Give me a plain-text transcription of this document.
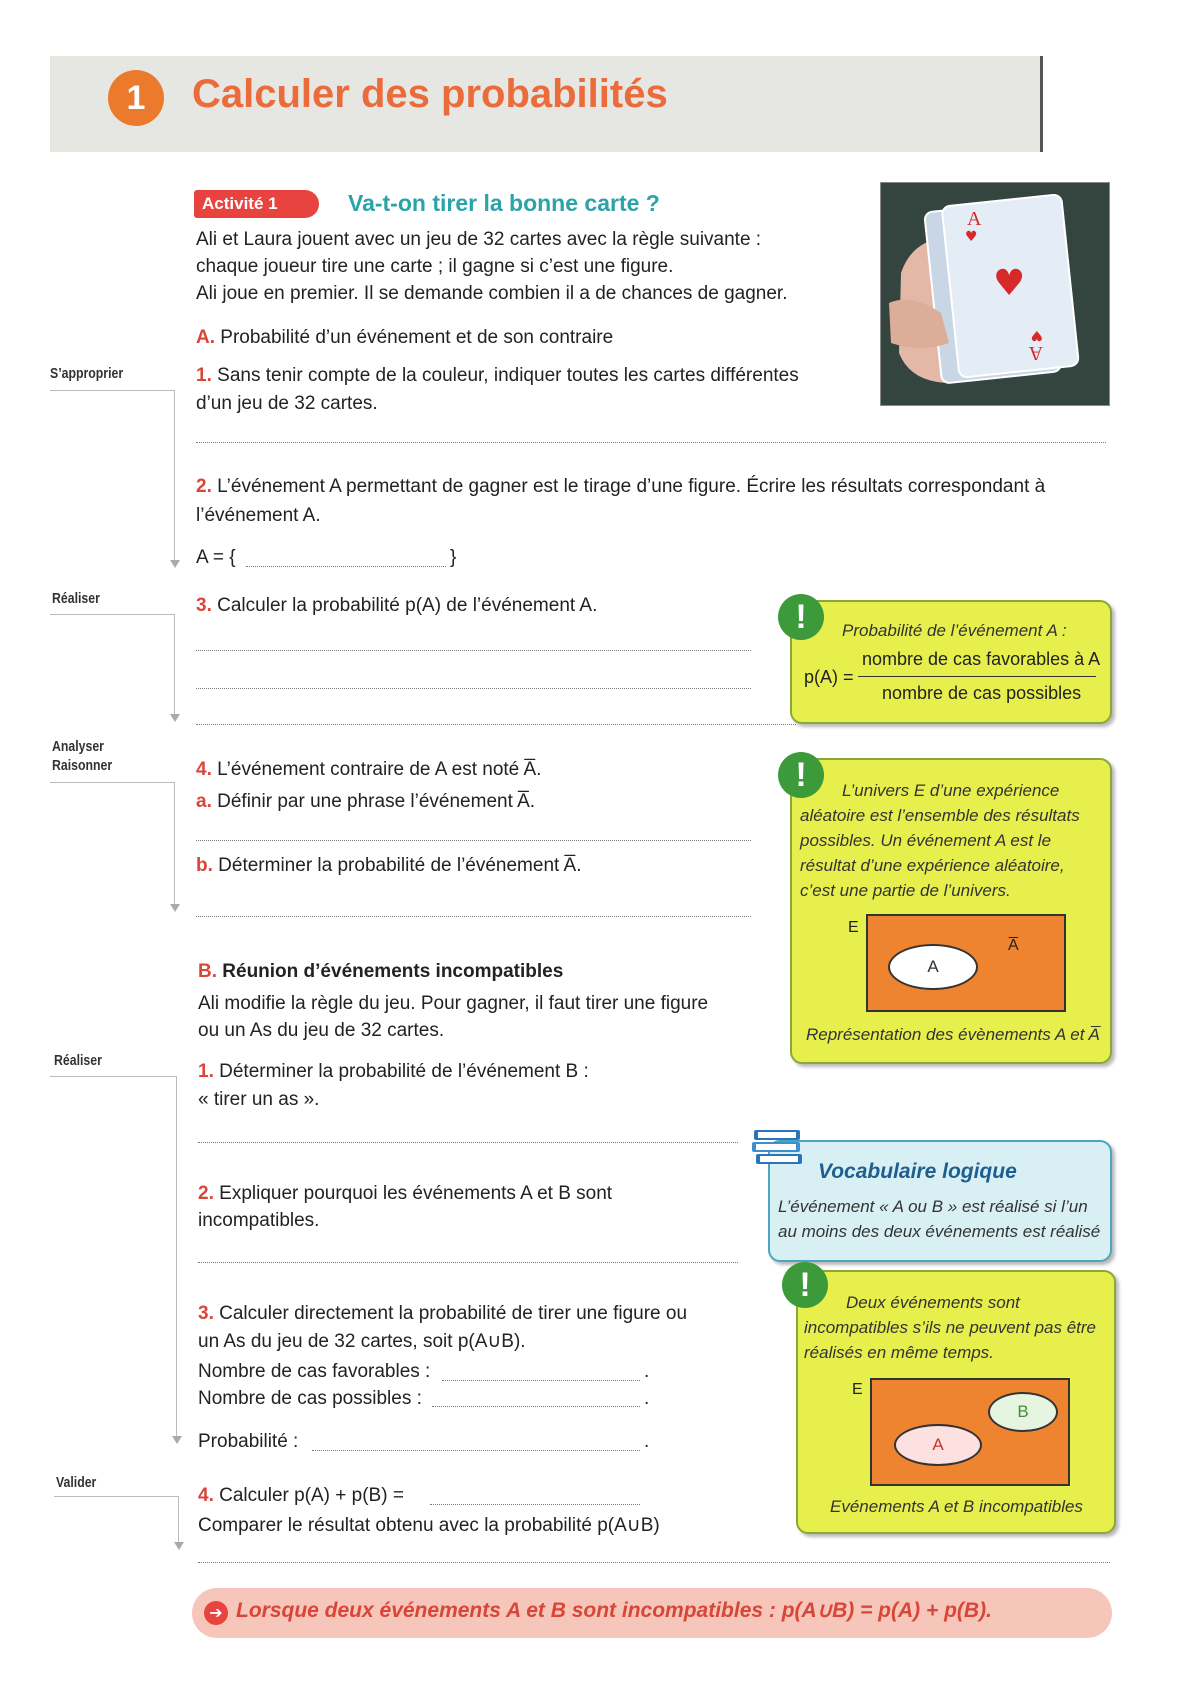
1	Calculer des probabilités
Activité 1	Va-t-on tirer la bonne carte ?
Ali et Laura jouent avec un jeu de 32 cartes avec la règle suivante :
chaque joueur tire une carte ; il gagne si c’est une figure.
Ali joue en premier. Il se demande combien il a de chances de gagner.
A
♥
♥
♥
A
S’approprier
Réaliser
Analyser
Raisonner
Réaliser
Valider
A. Probabilité d’un événement et de son contraire
1. Sans tenir compte de la couleur, indiquer toutes les cartes différentes
d’un jeu de 32 cartes.
2. L’événement A permettant de gagner est le tirage d’une figure. Écrire les résultats correspondant à
l’événement A.
A = {	}
3. Calculer la probabilité p(A) de l’événement A.
4. L’événement contraire de A est noté A̅.
a. Définir par une phrase l’événement A̅.
b. Déterminer la probabilité de l’événement A̅.
B. Réunion d’événements incompatibles
Ali modifie la règle du jeu. Pour gagner, il faut tirer une figure
ou un As du jeu de 32 cartes.
1. Déterminer la probabilité de l’événement B :
« tirer un as ».
2. Expliquer pourquoi les événements A et B sont
incompatibles.
3. Calculer directement la probabilité de tirer une figure ou
un As du jeu de 32 cartes, soit p(A∪B).
Nombre de cas favorables :	.
Nombre de cas possibles :	.
Probabilité :	.
4. Calculer p(A) + p(B) =
Comparer le résultat obtenu avec la probabilité p(A∪B)
!	Probabilité de l’événement A :
p(A) =
nombre de cas favorables à A
nombre de cas possibles
!	L’univers E d’une expérience
aléatoire est l’ensemble des résultats
possibles. Un événement A est le
résultat d’une expérience aléatoire,
c’est une partie de l’univers.
E
A̅
A
Représentation des évènements A et A̅
Vocabulaire logique
L’événement « A ou B » est réalisé si l’un
au moins des deux événements est réalisé
!	Deux événements sont
incompatibles s’ils ne peuvent pas être
réalisés en même temps.
E
B
A
Evénements A et B incompatibles
➔ Lorsque deux événements A et B sont incompatibles : p(A∪B) = p(A) + p(B).
